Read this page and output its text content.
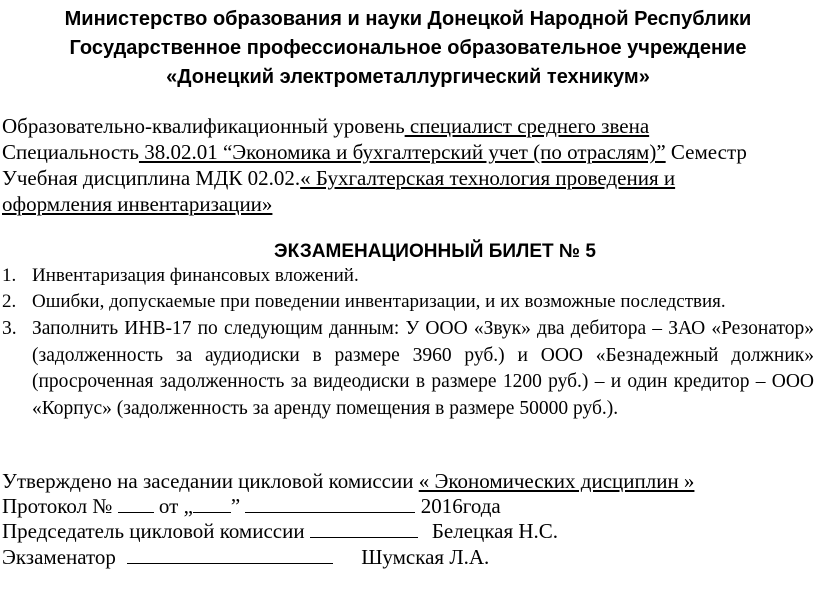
Министерство образования и науки Донецкой Народной Республики
Государственное профессиональное образовательное учреждение
«Донецкий электрометаллургический техникум»
Образовательно-квалификационный уровень специалист среднего звена
Специальность 38.02.01 “Экономика и бухгалтерский учет (по отраслям)” Семестр
Учебная дисциплина МДК 02.02.« Бухгалтерская технология проведения и
оформления инвентаризации»
ЭКЗАМЕНАЦИОННЫЙ БИЛЕТ № 5
1. Инвентаризация финансовых вложений.
2. Ошибки, допускаемые при поведении инвентаризации, и их возможные последствия.
3. Заполнить ИНВ-17 по следующим данным: У ООО «Звук» два дебитора – ЗАО «Резонатор» (задолженность за аудиодиски в размере 3960 руб.) и ООО «Безнадежный должник» (просроченная задолженность за видеодиски в размере 1200 руб.) – и один кредитор – ООО «Корпус» (задолженность за аренду помещения в размере 50000 руб.).
Утверждено на заседании цикловой комиссии « Экономических дисциплин »
Протокол № от „ ”	2016года
Председатель цикловой комиссии	Белецкая Н.С.
Экзаменатор	Шумская Л.А.
